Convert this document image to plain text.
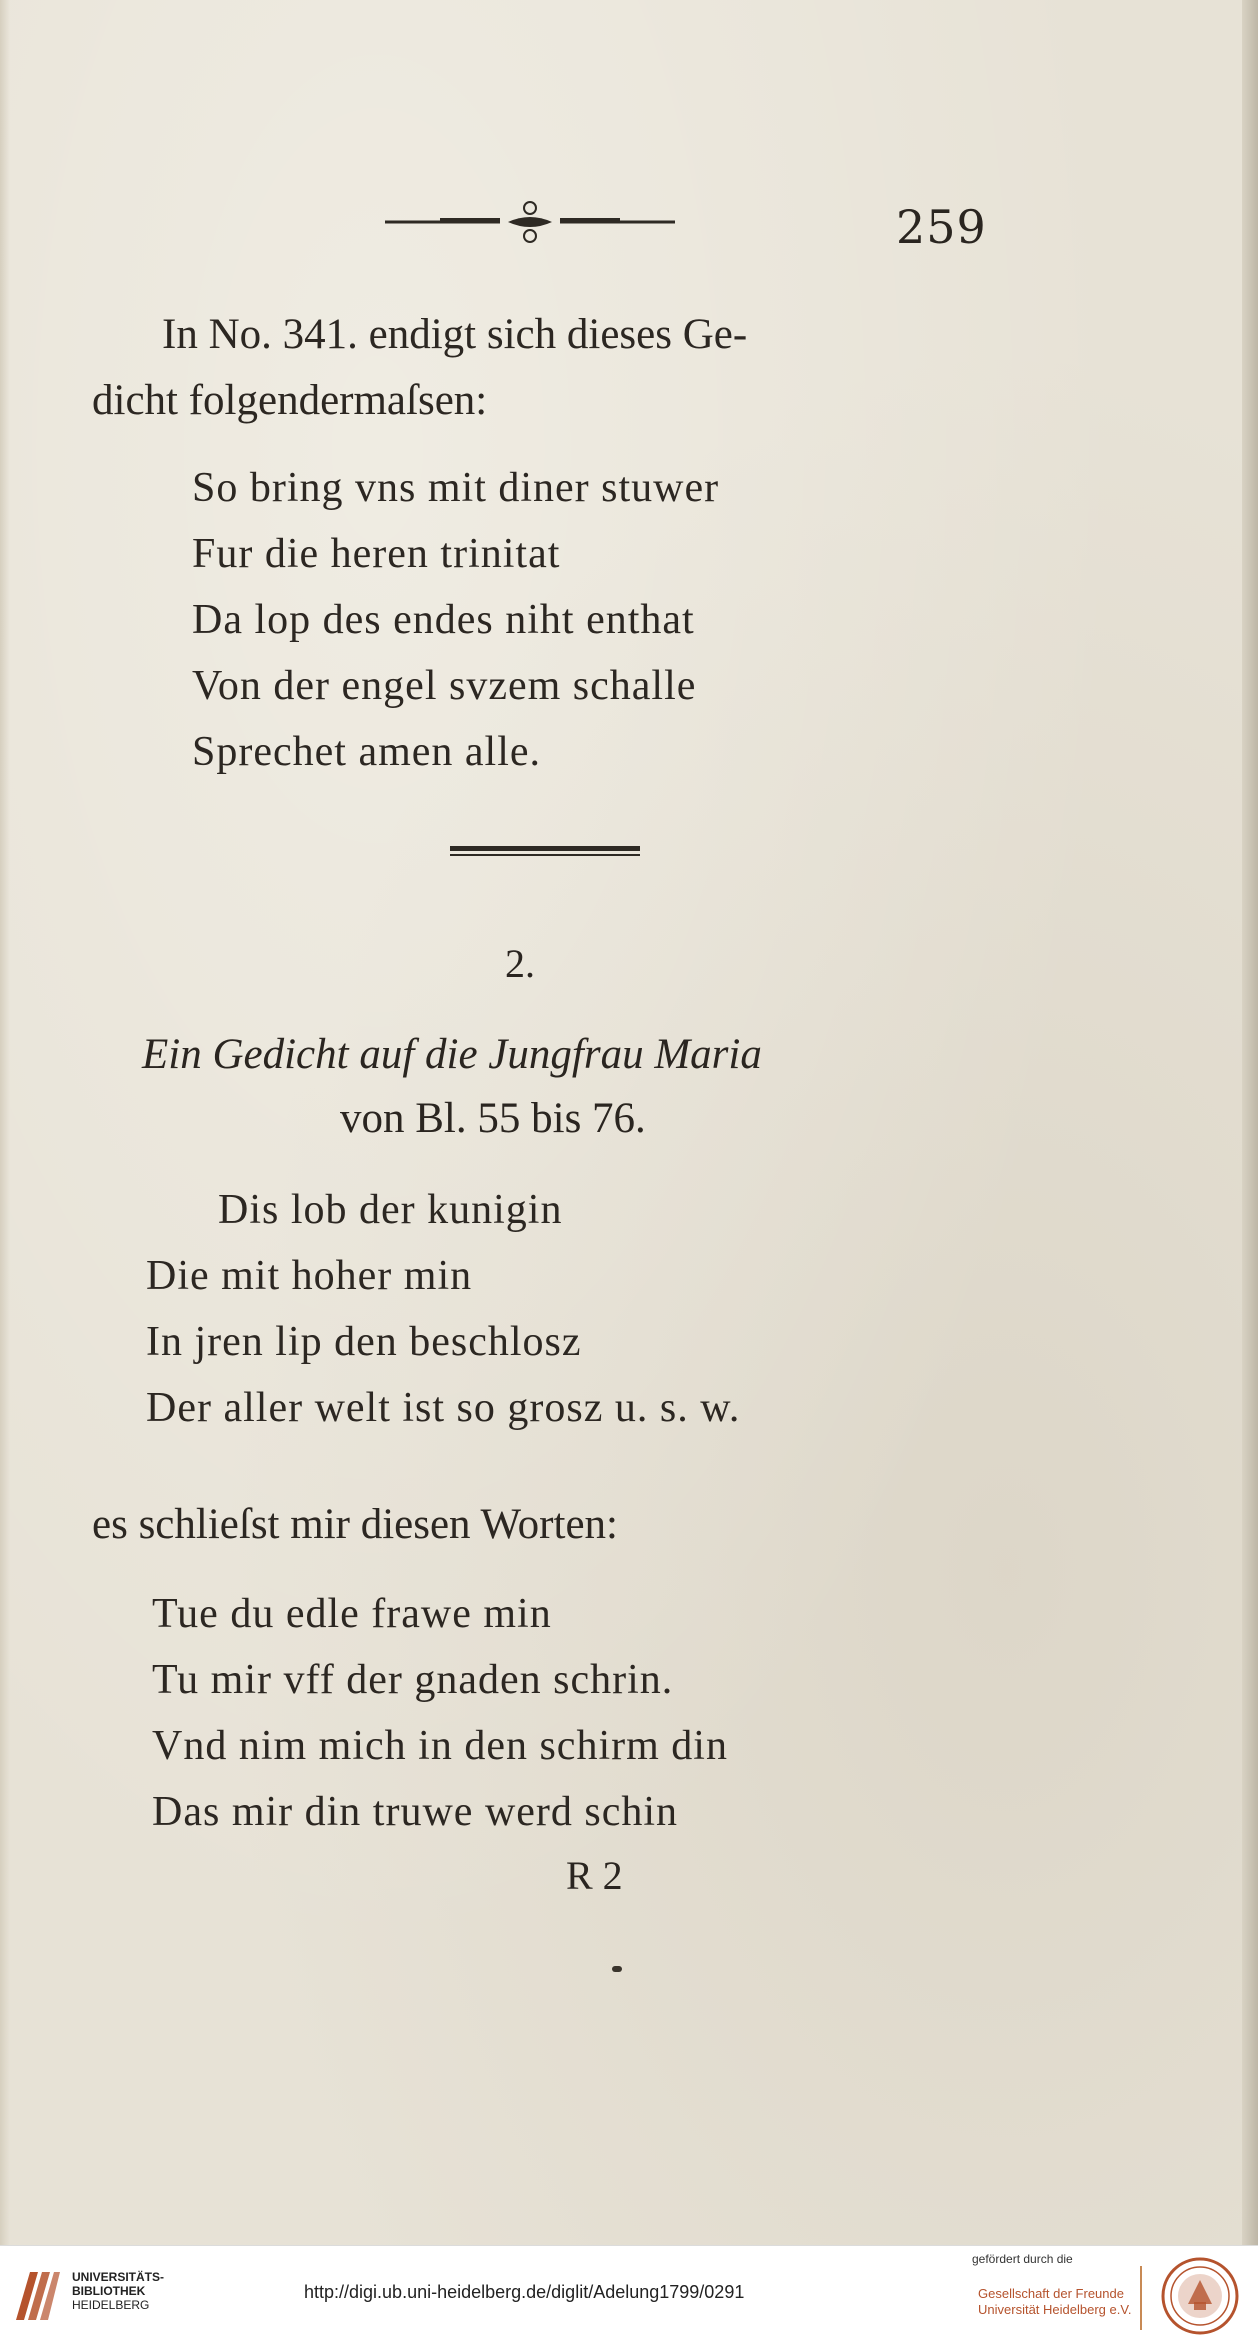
259
In No. 341. endigt sich dieses Ge-
dicht folgendermaſsen:
So bring vns mit diner stuwer
Fur die heren trinitat
Da lop des endes niht enthat
Von der engel svzem schalle
Sprechet amen alle.
2.
Ein Gedicht auf die Jungfrau Maria
von Bl. 55 bis 76.
Dis lob der kunigin
Die mit hoher min
In jren lip den beschlosz
Der aller welt ist so grosz u. s. w.
es schlieſst mir diesen Worten:
Tue du edle frawe min
Tu mir vff der gnaden schrin.
Vnd nim mich in den schirm din
Das mir din truwe werd schin
R 2
UNIVERSITÄTS-
BIBLIOTHEK
HEIDELBERG
http://digi.ub.uni-heidelberg.de/diglit/Adelung1799/0291
gefördert durch die
Gesellschaft der Freunde
Universität Heidelberg e.V.
